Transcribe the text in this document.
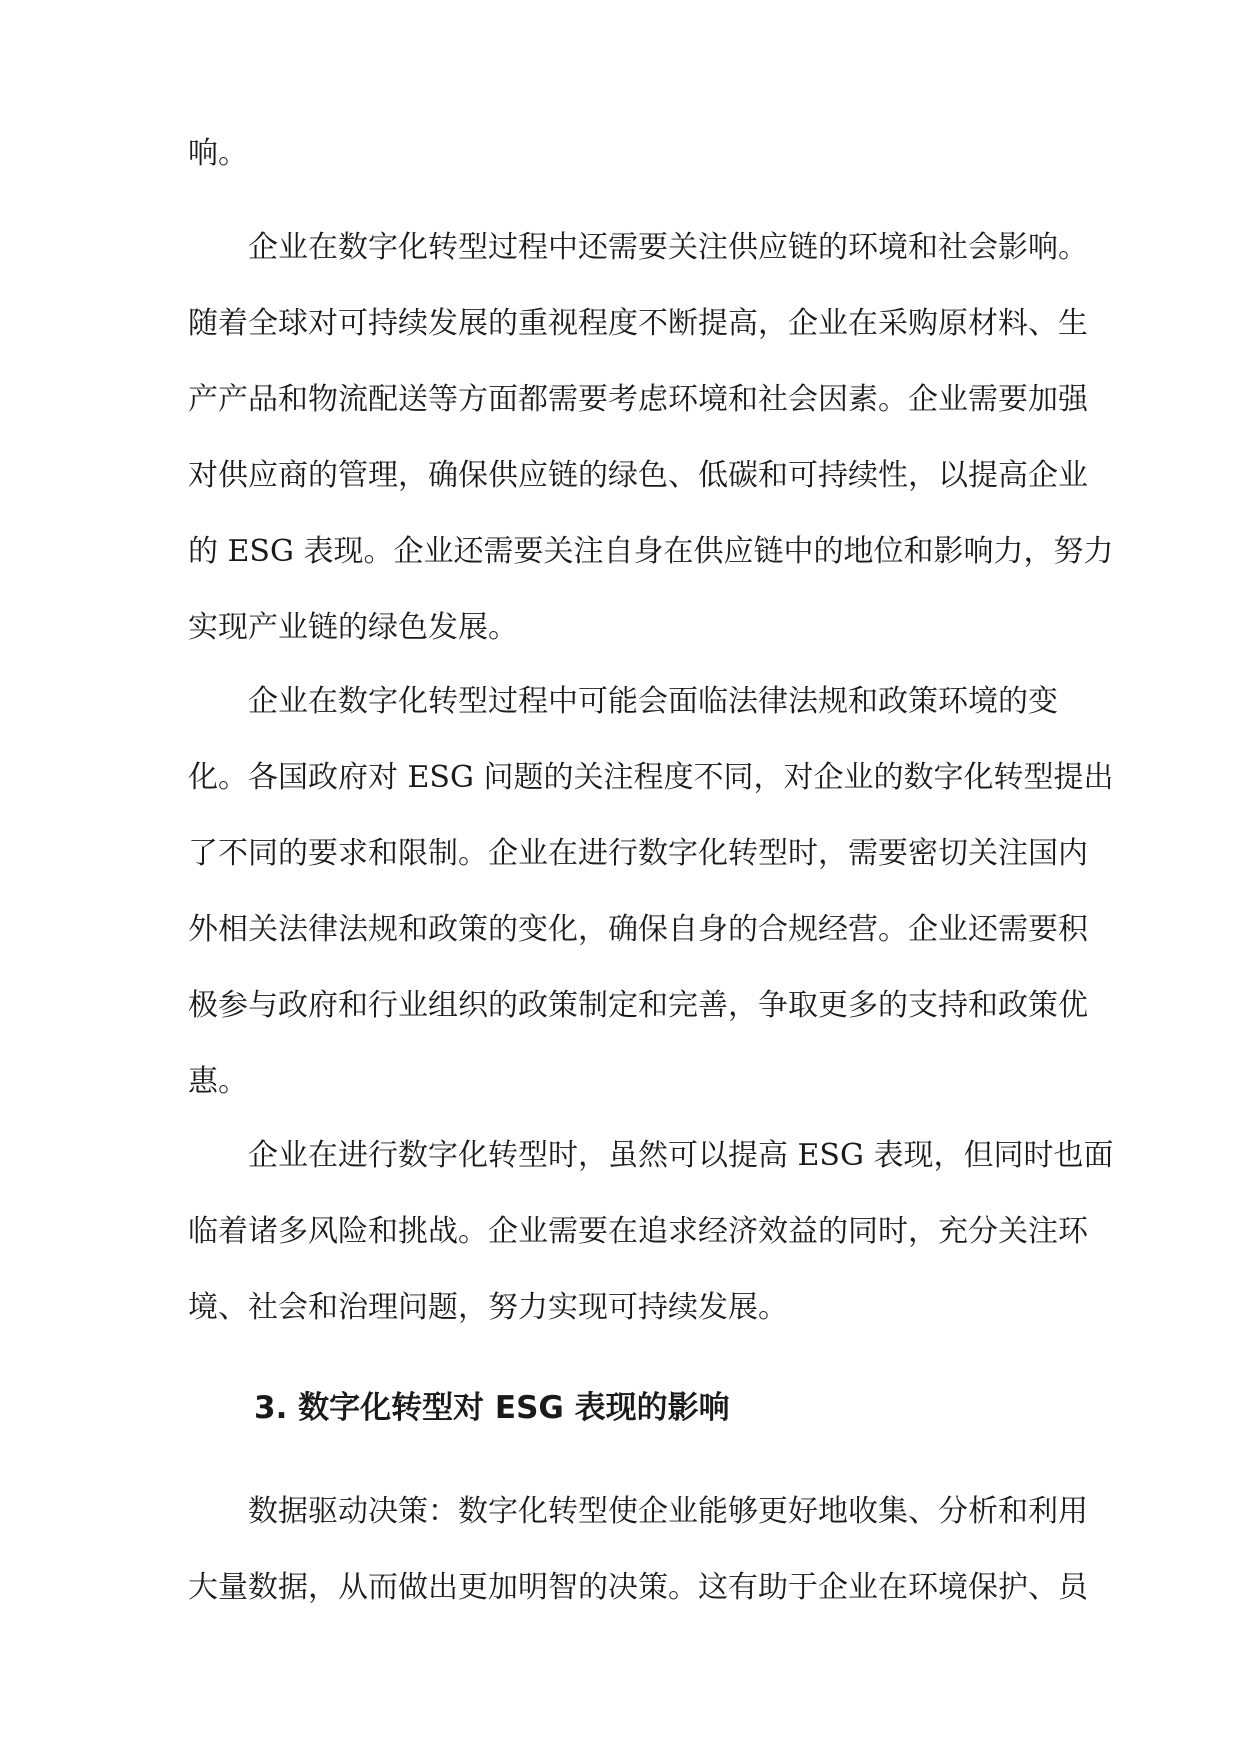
响。
企业在数字化转型过程中还需要关注供应链的环境和社会影响。
随着全球对可持续发展的重视程度不断提高，企业在采购原材料、生
产产品和物流配送等方面都需要考虑环境和社会因素。企业需要加强
对供应商的管理，确保供应链的绿色、低碳和可持续性，以提高企业
的 ESG 表现。企业还需要关注自身在供应链中的地位和影响力，努力
实现产业链的绿色发展。
企业在数字化转型过程中可能会面临法律法规和政策环境的变
化。各国政府对 ESG 问题的关注程度不同，对企业的数字化转型提出
了不同的要求和限制。企业在进行数字化转型时，需要密切关注国内
外相关法律法规和政策的变化，确保自身的合规经营。企业还需要积
极参与政府和行业组织的政策制定和完善，争取更多的支持和政策优
惠。
企业在进行数字化转型时，虽然可以提高 ESG 表现，但同时也面
临着诸多风险和挑战。企业需要在追求经济效益的同时，充分关注环
境、社会和治理问题，努力实现可持续发展。
3. 数字化转型对 ESG 表现的影响
数据驱动决策：数字化转型使企业能够更好地收集、分析和利用
大量数据，从而做出更加明智的决策。这有助于企业在环境保护、员
